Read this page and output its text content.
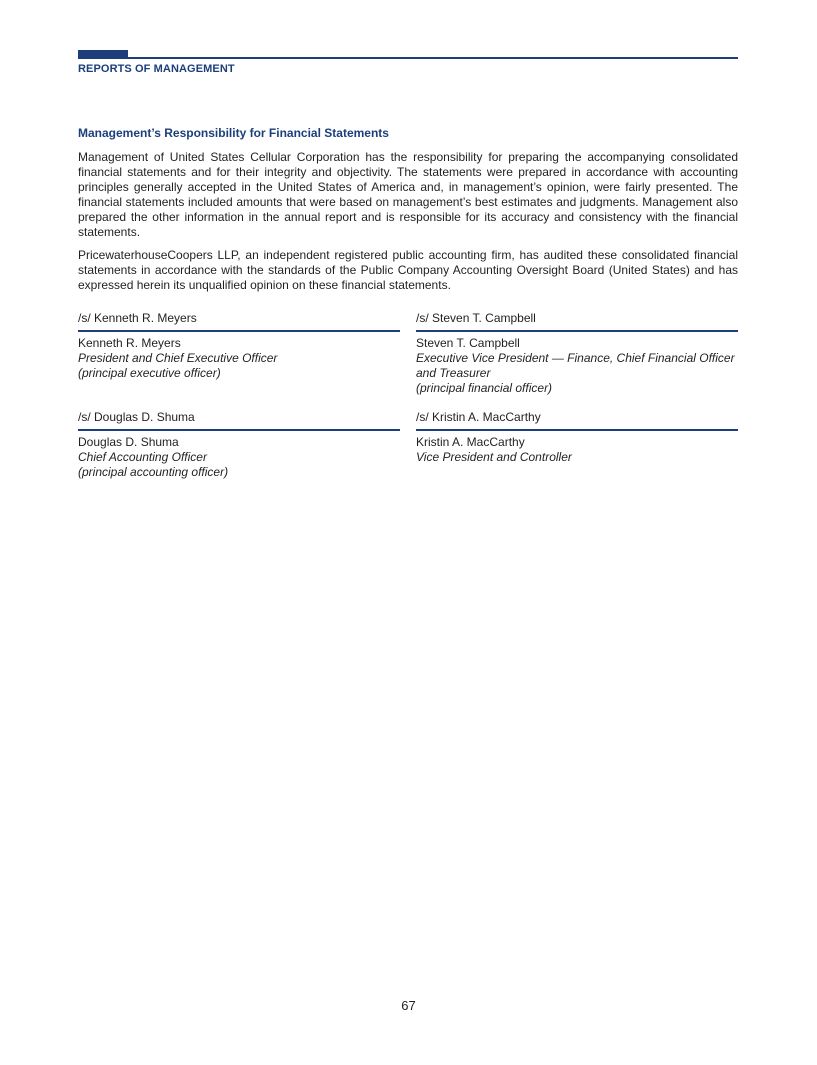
REPORTS OF MANAGEMENT
Management’s Responsibility for Financial Statements

Management of United States Cellular Corporation has the responsibility for preparing the accompanying consolidated financial statements and for their integrity and objectivity. The statements were prepared in accordance with accounting principles generally accepted in the United States of America and, in management’s opinion, were fairly presented. The financial statements included amounts that were based on management’s best estimates and judgments. Management also prepared the other information in the annual report and is responsible for its accuracy and consistency with the financial statements.

PricewaterhouseCoopers LLP, an independent registered public accounting firm, has audited these consolidated financial statements in accordance with the standards of the Public Company Accounting Oversight Board (United States) and has expressed herein its unqualified opinion on these financial statements.

/s/ Kenneth R. Meyers
Kenneth R. Meyers
President and Chief Executive Officer
(principal executive officer)
/s/ Steven T. Campbell
Steven T. Campbell
Executive Vice President — Finance, Chief Financial Officer
and Treasurer
(principal financial officer)
/s/ Douglas D. Shuma
Douglas D. Shuma
Chief Accounting Officer
(principal accounting officer)
/s/ Kristin A. MacCarthy
Kristin A. MacCarthy
Vice President and Controller
67
